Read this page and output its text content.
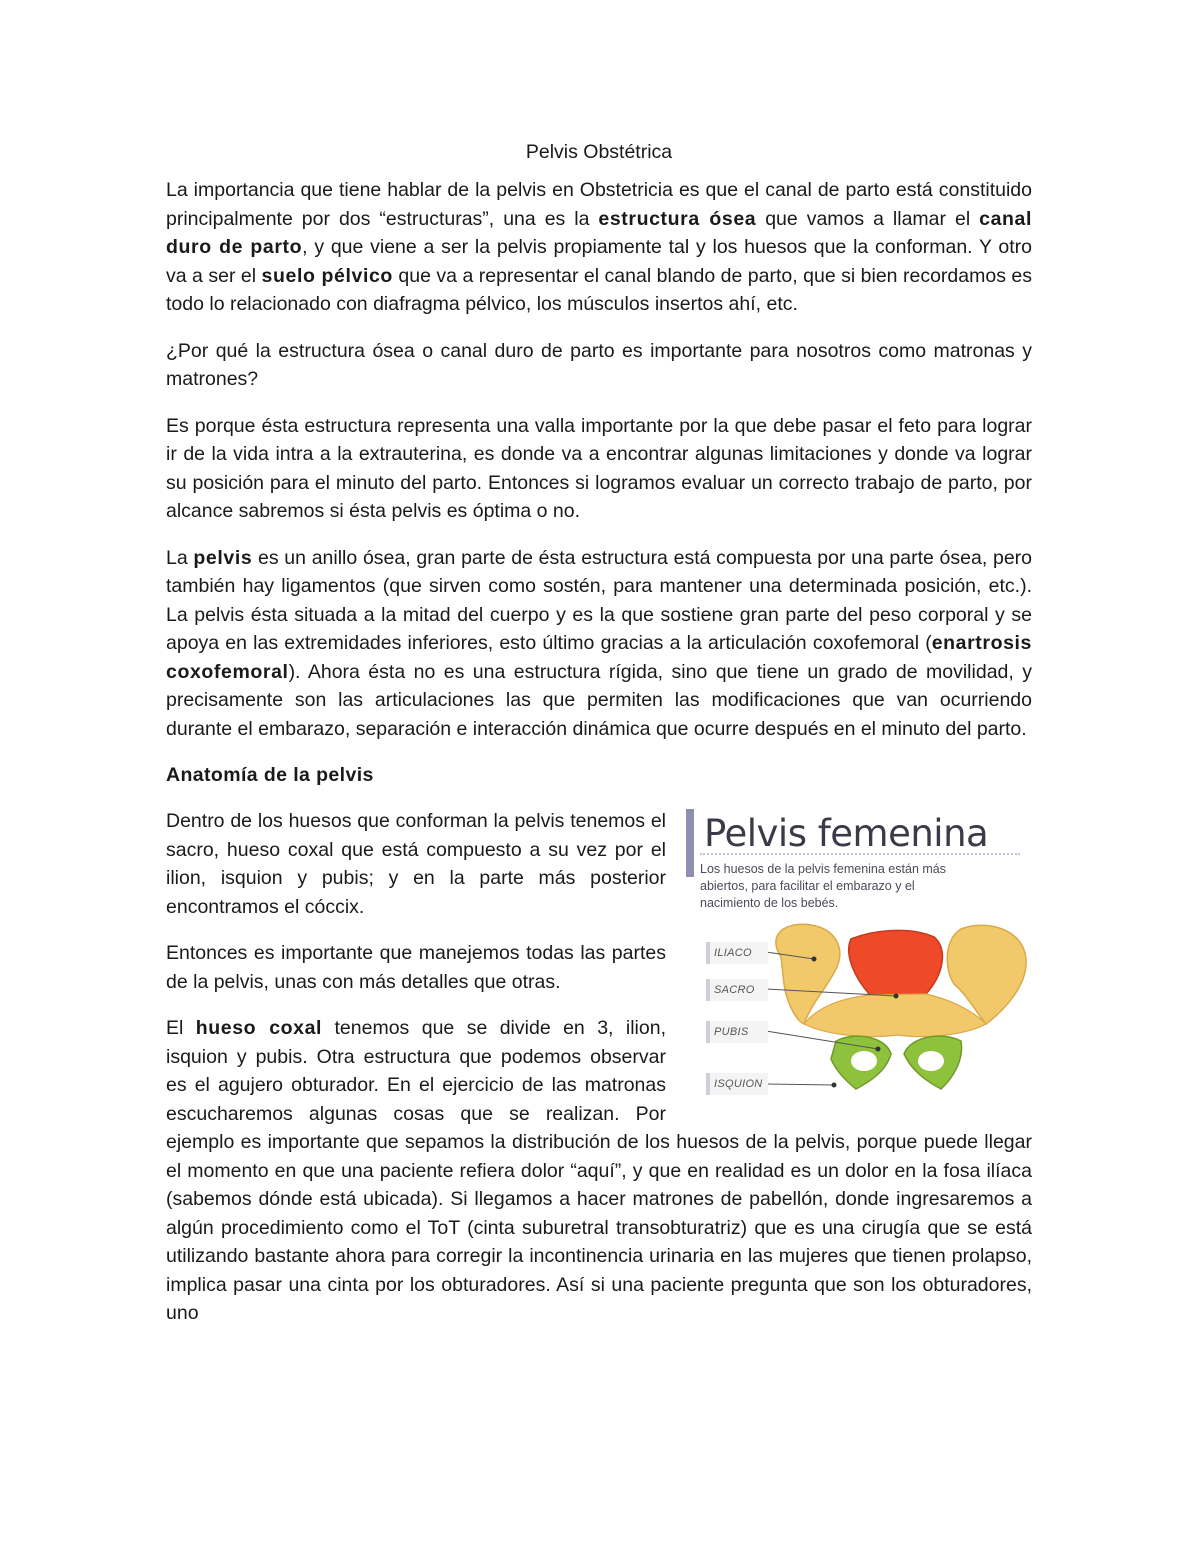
Pelvis Obstétrica

La importancia que tiene hablar de la pelvis en Obstetricia es que el canal de parto está constituido principalmente por dos “estructuras”, una es la estructura ósea que vamos a llamar el canal duro de parto, y que viene a ser la pelvis propiamente tal y los huesos que la conforman. Y otro va a ser el suelo pélvico que va a representar el canal blando de parto, que si bien recordamos es todo lo relacionado con diafragma pélvico, los músculos insertos ahí, etc.

¿Por qué la estructura ósea o canal duro de parto es importante para nosotros como matronas y matrones?

Es porque ésta estructura representa una valla importante por la que debe pasar el feto para lograr ir de la vida intra a la extrauterina, es donde va a encontrar algunas limitaciones y donde va lograr su posición para el minuto del parto. Entonces si logramos evaluar un correcto trabajo de parto, por alcance sabremos si ésta pelvis es óptima o no.

La pelvis es un anillo ósea, gran parte de ésta estructura está compuesta por una parte ósea, pero también hay ligamentos (que sirven como sostén, para mantener una determinada posición, etc.). La pelvis ésta situada a la mitad del cuerpo y es la que sostiene gran parte del peso corporal y se apoya en las extremidades inferiores, esto último gracias a la articulación coxofemoral (enartrosis coxofemoral). Ahora ésta no es una estructura rígida, sino que tiene un grado de movilidad, y precisamente son las articulaciones las que permiten las modificaciones que van ocurriendo durante el embarazo, separación e interacción dinámica que ocurre después en el minuto del parto.

Anatomía de la pelvis
Pelvis femenina
Los huesos de la pelvis femenina están más abiertos, para facilitar el embarazo y el nacimiento de los bebés.
ILIACO
SACRO
PUBIS
ISQUION

Dentro de los huesos que conforman la pelvis tenemos el sacro, hueso coxal que está compuesto a su vez por el ilion, isquion y pubis; y en la parte más posterior encontramos el cóccix.

Entonces es importante que manejemos todas las partes de la pelvis, unas con más detalles que otras.

El hueso coxal tenemos que se divide en 3, ilion, isquion y pubis. Otra estructura que podemos observar es el agujero obturador. En el ejercicio de las matronas escucharemos algunas cosas que se realizan. Por ejemplo es importante que sepamos la distribución de los huesos de la pelvis, porque puede llegar el momento en que una paciente refiera dolor “aquí”, y que en realidad es un dolor en la fosa ilíaca (sabemos dónde está ubicada). Si llegamos a hacer matrones de pabellón, donde ingresaremos a algún procedimiento como el ToT (cinta suburetral transobturatriz) que es una cirugía que se está utilizando bastante ahora para corregir la incontinencia urinaria en las mujeres que tienen prolapso, implica pasar una cinta por los obturadores. Así si una paciente pregunta que son los obturadores, uno
